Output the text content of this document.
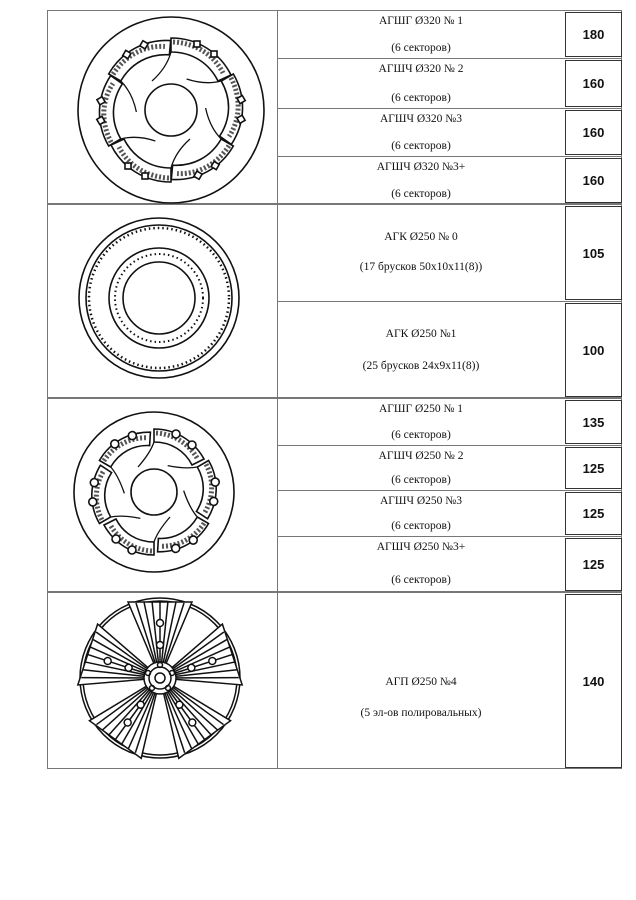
АГШГ Ø320 № 1
(6 секторов)
180
АГШЧ Ø320 № 2
(6 секторов)
160
АГШЧ Ø320 №3
(6 секторов)
160
АГШЧ Ø320 №3+
(6 секторов)
160
АГК Ø250 № 0
(17 брусков 50х10х11(8))
105
АГК Ø250 №1
(25 брусков 24х9х11(8))
100
АГШГ Ø250 № 1
(6 секторов)
135
АГШЧ Ø250 № 2
(6 секторов)
125
АГШЧ Ø250 №3
(6 секторов)
125
АГШЧ Ø250 №3+
(6 секторов)
125
АГП Ø250 №4
(5 эл-ов полировальных)
140
